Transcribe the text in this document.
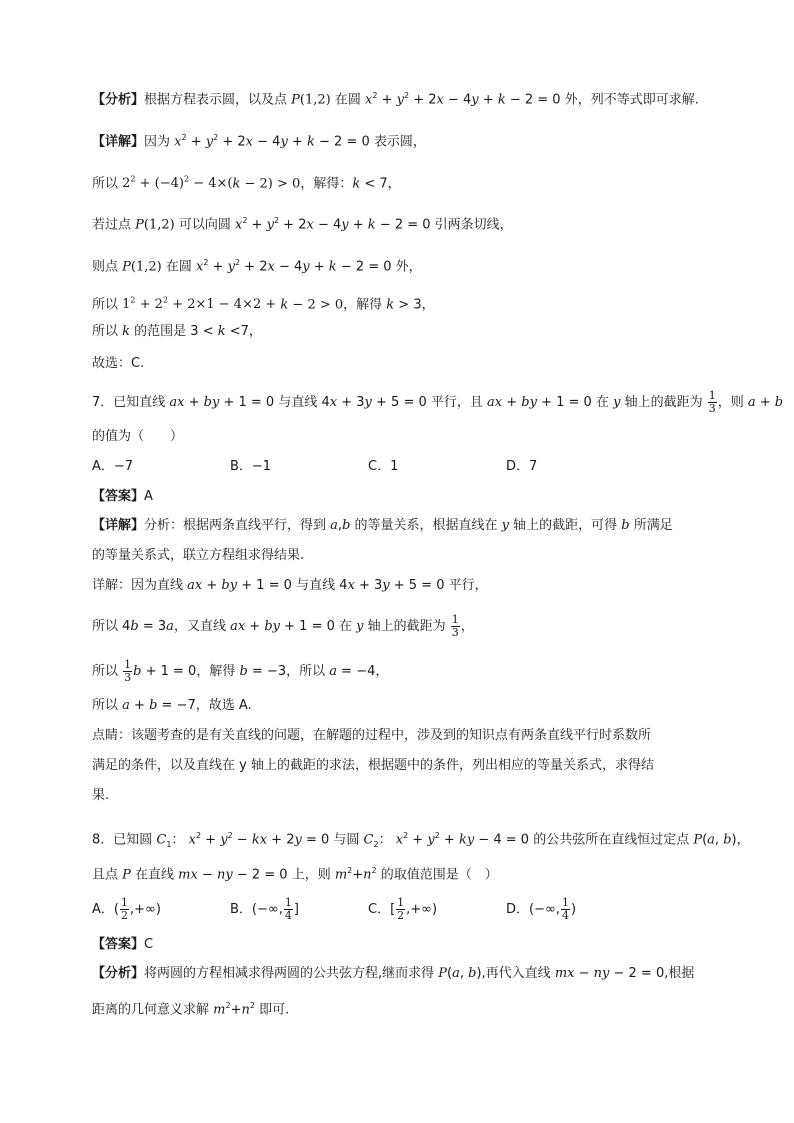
【分析】根据方程表示圆，以及点 P(1,2) 在圆 $x^2 + y^2 + 2x - 4y + k - 2 = 0$ 外，列不等式即可求解.
【详解】因为 $x^2 + y^2 + 2x - 4y + k - 2 = 0$ 表示圆，
所以 $2^2 + (-4)^2 - 4\times(k - 2) > 0$，解得：k < 7，
若过点 P(1,2) 可以向圆 $x^2 + y^2 + 2x - 4y + k - 2 = 0$ 引两条切线，
则点 P(1,2) 在圆 $x^2 + y^2 + 2x - 4y + k - 2 = 0$ 外，
所以 $1^2 + 2^2 + 2\times 1 - 4\times 2 + k - 2 > 0$，解得 k > 3，
所以 k 的范围是 3 < k <7，
故选：C.
7．已知直线 ax + by + 1 = 0 与直线 4x + 3y + 5 = 0 平行，且 ax + by + 1 = 0 在 y 轴上的截距为 $\frac{1}{3}$ ，则 a + b
的值为（　　）
A．−7	B．−1	C．1	D．7
【答案】A
【详解】分析：根据两条直线平行，得到 a,b 的等量关系，根据直线在 y 轴上的截距，可得 b 所满足
的等量关系式，联立方程组求得结果.
详解：因为直线 ax + by + 1 = 0 与直线 4x + 3y + 5 = 0 平行，
所以 4b = 3a，又直线 ax + by + 1 = 0 在 y 轴上的截距为 $\frac{1}{3}$ ，
所以 $\frac{1}{3}$ b + 1 = 0，解得 b = −3，所以 a = −4，
所以 a + b = −7，故选 A.
点睛：该题考查的是有关直线的问题，在解题的过程中，涉及到的知识点有两条直线平行时系数所
满足的条件，以及直线在 y 轴上的截距的求法，根据题中的条件，列出相应的等量关系式，求得结
果.
8．已知圆 $C_1$： $x^2 + y^2$ − kx + 2y = 0 与圆 $C_2$： $x^2 + y^2$ + ky − 4 = 0 的公共弦所在直线恒过定点 P(a, b)，
且点 P 在直线 mx − ny − 2 = 0 上，则 $m^2+n^2$ 的取值范围是（　）
A．( $\frac{1}{2}$ ,+∞)	B．(−∞, $\frac{1}{4}$ ]	C．[ $\frac{1}{2}$ ,+∞)	D．(−∞, $\frac{1}{4}$ )
【答案】C
【分析】将两圆的方程相减求得两圆的公共弦方程,继而求得 P(a, b),再代入直线 mx − ny − 2 = 0,根据
距离的几何意义求解 $m^2+n^2$ 即可.
